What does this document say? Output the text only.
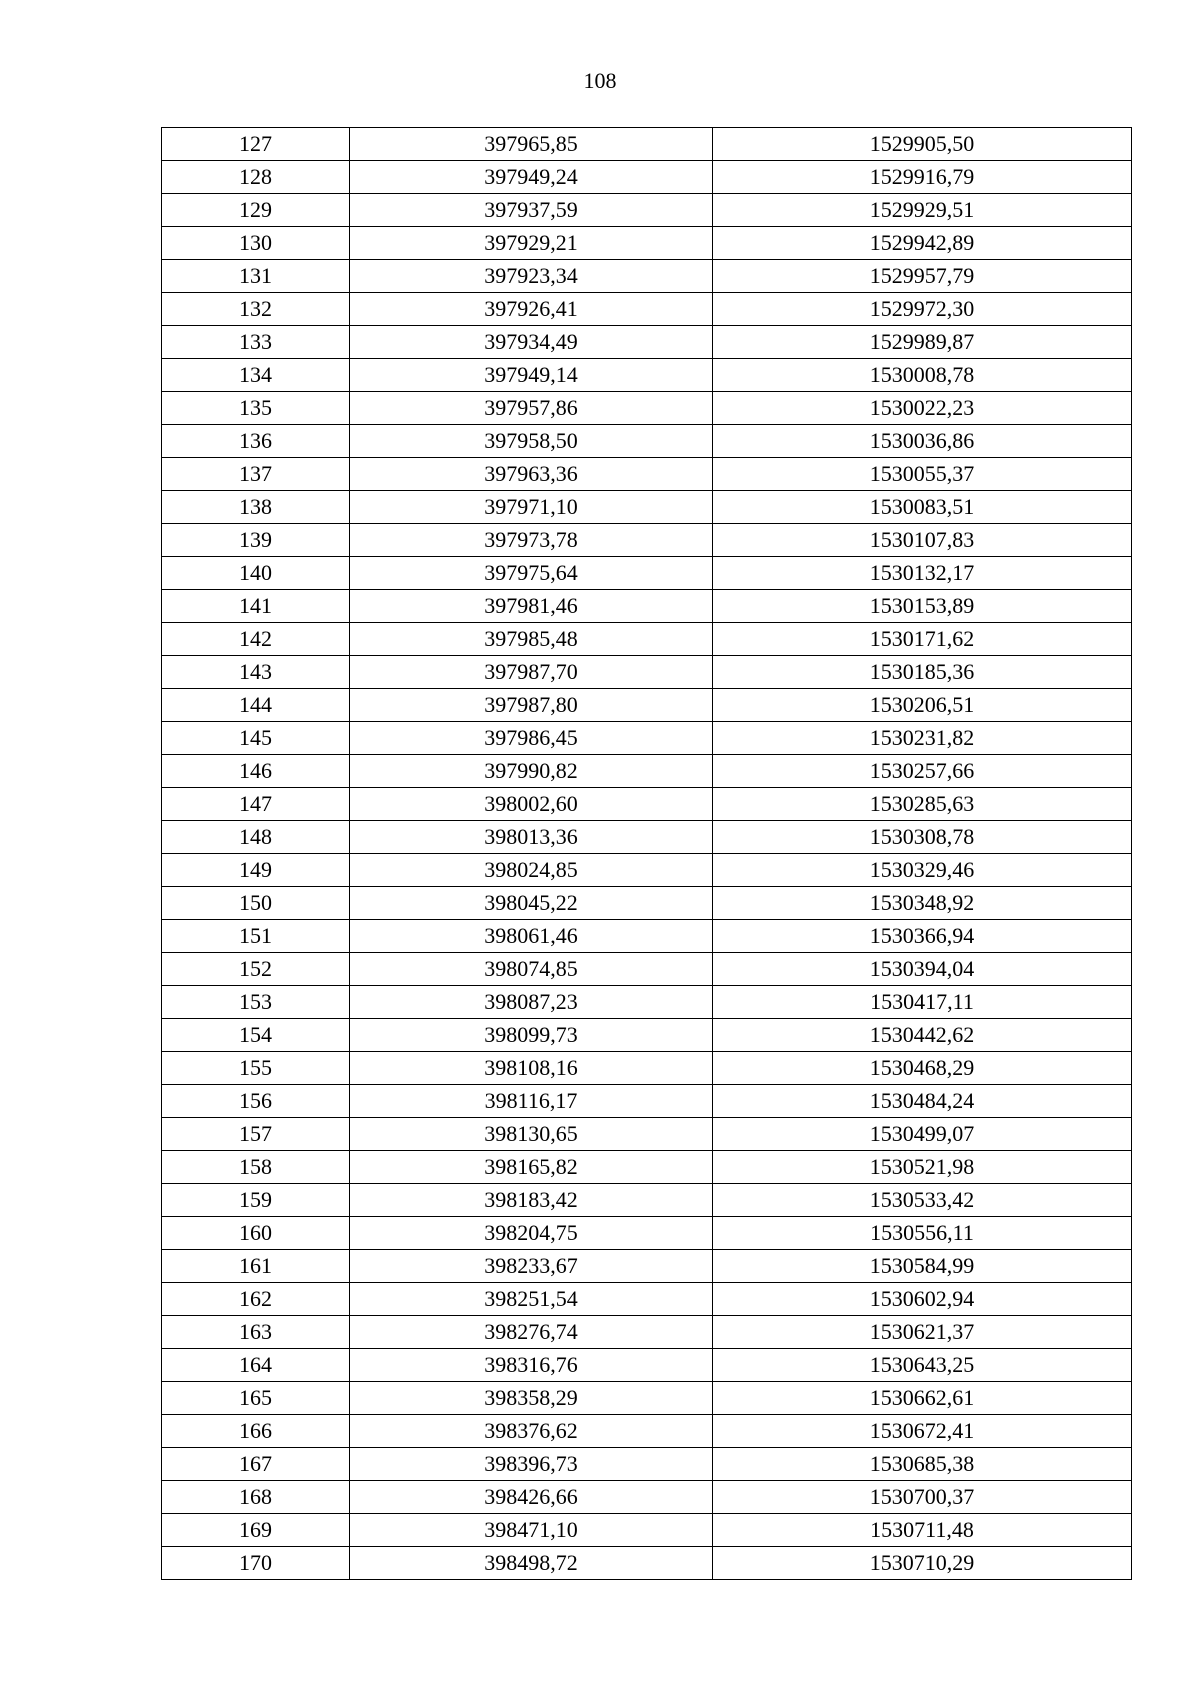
108
127	397965,85	1529905,50
128	397949,24	1529916,79
129	397937,59	1529929,51
130	397929,21	1529942,89
131	397923,34	1529957,79
132	397926,41	1529972,30
133	397934,49	1529989,87
134	397949,14	1530008,78
135	397957,86	1530022,23
136	397958,50	1530036,86
137	397963,36	1530055,37
138	397971,10	1530083,51
139	397973,78	1530107,83
140	397975,64	1530132,17
141	397981,46	1530153,89
142	397985,48	1530171,62
143	397987,70	1530185,36
144	397987,80	1530206,51
145	397986,45	1530231,82
146	397990,82	1530257,66
147	398002,60	1530285,63
148	398013,36	1530308,78
149	398024,85	1530329,46
150	398045,22	1530348,92
151	398061,46	1530366,94
152	398074,85	1530394,04
153	398087,23	1530417,11
154	398099,73	1530442,62
155	398108,16	1530468,29
156	398116,17	1530484,24
157	398130,65	1530499,07
158	398165,82	1530521,98
159	398183,42	1530533,42
160	398204,75	1530556,11
161	398233,67	1530584,99
162	398251,54	1530602,94
163	398276,74	1530621,37
164	398316,76	1530643,25
165	398358,29	1530662,61
166	398376,62	1530672,41
167	398396,73	1530685,38
168	398426,66	1530700,37
169	398471,10	1530711,48
170	398498,72	1530710,29
